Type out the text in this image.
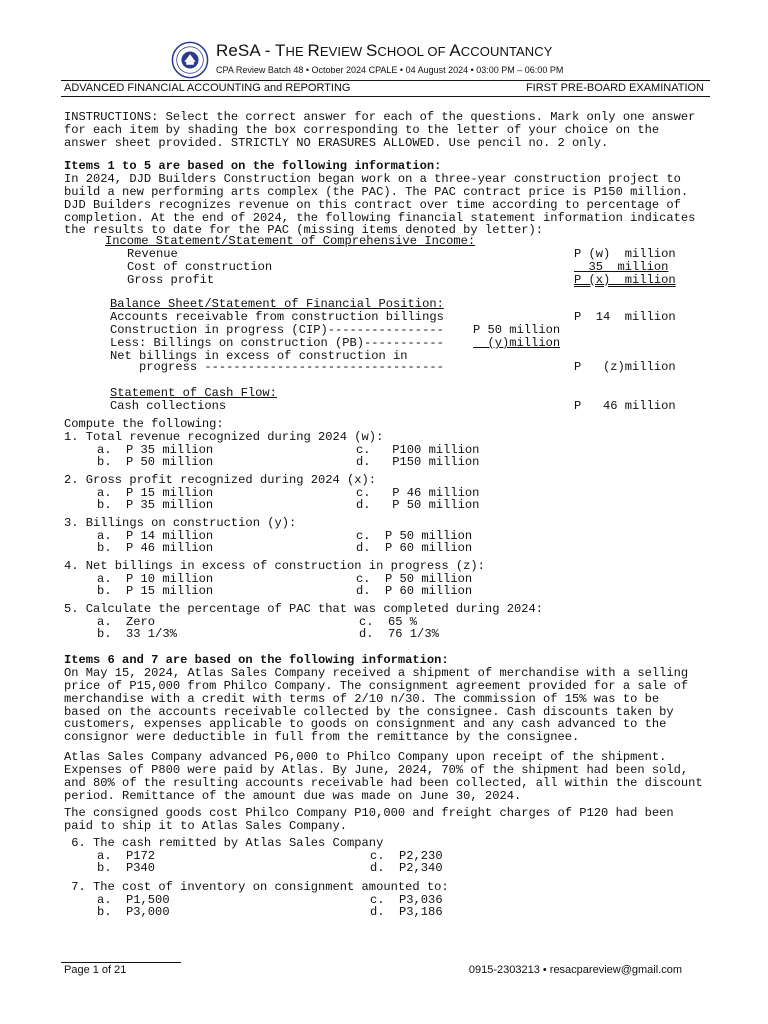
ReSA - THE REVIEW SCHOOL OF ACCOUNTANCY
CPA Review Batch 48 • October 2024 CPALE • 04 August 2024 • 03:00 PM – 06:00 PM
ADVANCED FINANCIAL ACCOUNTING and REPORTING	FIRST PRE-BOARD EXAMINATION
INSTRUCTIONS: Select the correct answer for each of the questions. Mark only one answer
for each item by shading the box corresponding to the letter of your choice on the
answer sheet provided. STRICTLY NO ERASURES ALLOWED. Use pencil no. 2 only.
Items 1 to 5 are based on the following information:
In 2024, DJD Builders Construction began work on a three-year construction project to
build a new performing arts complex (the PAC). The PAC contract price is P150 million.
DJD Builders recognizes revenue on this contract over time according to percentage of
completion. At the end of 2024, the following financial statement information indicates
the results to date for the PAC (missing items denoted by letter):
Income Statement/Statement of Comprehensive Income:
Revenue	P (w)  million
Cost of construction	35  million
Gross profit	P (x)  million
Balance Sheet/Statement of Financial Position:
Accounts receivable from construction billings	P  14  million
Construction in progress (CIP)---------------- P 50 million
Less: Billings on construction (PB)----------- (y)million
Net billings in excess of construction in
progress ---------------------------------	P   (z)million
Statement of Cash Flow:
Cash collections	P   46 million
Compute the following:
1. Total revenue recognized during 2024 (w):
a.  P 35 million	c.   P100 million
b.  P 50 million	d.   P150 million
2. Gross profit recognized during 2024 (x):
a.  P 15 million	c.   P 46 million
b.  P 35 million	d.   P 50 million
3. Billings on construction (y):
a.  P 14 million	c.  P 50 million
b.  P 46 million	d.  P 60 million
4. Net billings in excess of construction in progress (z):
a.  P 10 million	c.  P 50 million
b.  P 15 million	d.  P 60 million
5. Calculate the percentage of PAC that was completed during 2024:
a.  Zero	c.  65 %
b.  33 1/3%	d.  76 1/3%
Items 6 and 7 are based on the following information:
On May 15, 2024, Atlas Sales Company received a shipment of merchandise with a selling
price of P15,000 from Philco Company. The consignment agreement provided for a sale of
merchandise with a credit with terms of 2/10 n/30. The commission of 15% was to be
based on the accounts receivable collected by the consignee. Cash discounts taken by
customers, expenses applicable to goods on consignment and any cash advanced to the
consignor were deductible in full from the remittance by the consignee.
Atlas Sales Company advanced P6,000 to Philco Company upon receipt of the shipment.
Expenses of P800 were paid by Atlas. By June, 2024, 70% of the shipment had been sold,
and 80% of the resulting accounts receivable had been collected, all within the discount
period. Remittance of the amount due was made on June 30, 2024.
The consigned goods cost Philco Company P10,000 and freight charges of P120 had been
paid to ship it to Atlas Sales Company.
6. The cash remitted by Atlas Sales Company
a.  P172	c.  P2,230
b.  P340	d.  P2,340
7. The cost of inventory on consignment amounted to:
a.  P1,500	c.  P3,036
b.  P3,000	d.  P3,186
Page 1 of 21	0915-2303213 • resacpareview@gmail.com
